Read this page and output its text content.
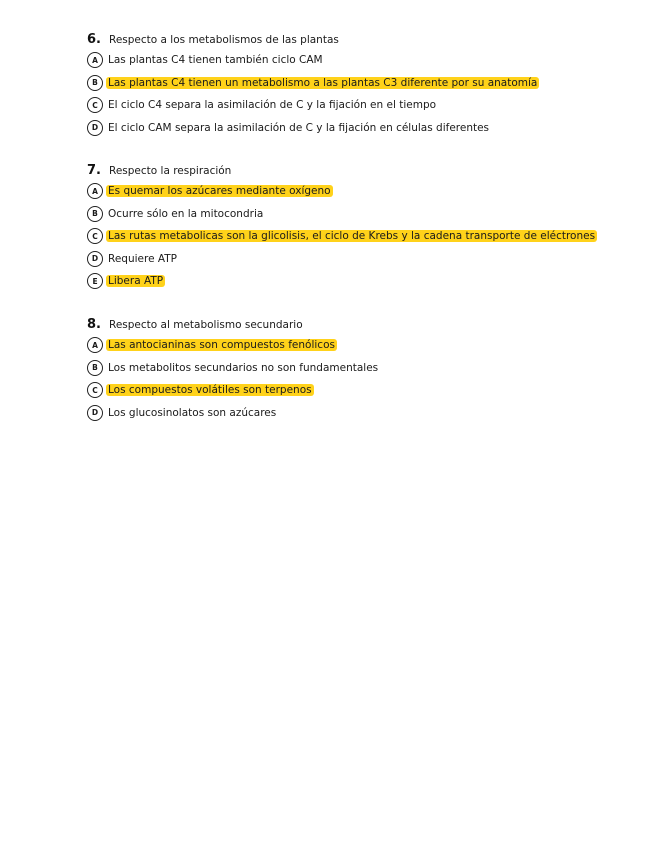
6. Respecto a los metabolismos de las plantas
A Las plantas C4 tienen también ciclo CAM
B Las plantas C4 tienen un metabolismo a las plantas C3 diferente por su anatomía
C El ciclo C4 separa la asimilación de C y la fijación en el tiempo
D El ciclo CAM separa la asimilación de C y la fijación en células diferentes
7. Respecto la respiración
A Es quemar los azúcares mediante oxígeno
B Ocurre sólo en la mitocondria
C Las rutas metabolicas son la glicolisis, el ciclo de Krebs y la cadena transporte de eléctrones
D Requiere ATP
E Libera ATP
8. Respecto al metabolismo secundario
A Las antocianinas son compuestos fenólicos
B Los metabolitos secundarios no son fundamentales
C Los compuestos volátiles son terpenos
D Los glucosinolatos son azúcares
